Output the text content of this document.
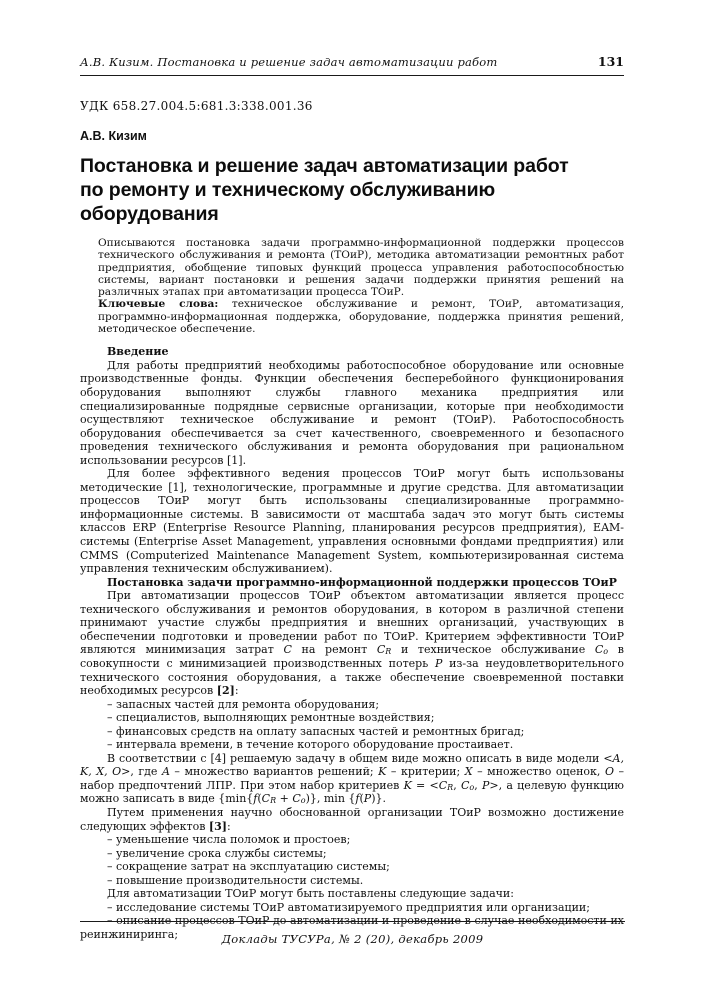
А.В. Кизим. Постановка и решение задач автоматизации работ	131
УДК 658.27.004.5:681.3:338.001.36
А.В. Кизим
Постановка и решение задач автоматизации работ
по ремонту и техническому обслуживанию оборудования

Описываются постановка задачи программно-информационной поддержки процессов технического обслуживания и ремонта (ТОиР), методика автоматизации ремонтных работ предприятия, обобщение типовых функций процесса управления работоспособностью системы, вариант постановки и решения задачи поддержки принятия решений на различных этапах при автоматизации процесса ТОиР.

Ключевые слова: техническое обслуживание и ремонт, ТОиР, автоматизация, программно-информационная поддержка, оборудование, поддержка принятия решений, методическое обеспечение.

Введение

Для работы предприятий необходимы работоспособное оборудование или основные производственные фонды. Функции обеспечения бесперебойного функционирования оборудования выполняют службы главного механика предприятия или специализированные подрядные сервисные организации, которые при необходимости осуществляют техническое обслуживание и ремонт (ТОиР). Работоспособность оборудования обеспечивается за счет качественного, своевременного и безопасного проведения технического обслуживания и ремонта оборудования при рациональном использовании ресурсов [1].

Для более эффективного ведения процессов ТОиР могут быть использованы методические [1], технологические, программные и другие средства. Для автоматизации процессов ТОиР могут быть использованы специализированные программно-информационные системы. В зависимости от масштаба задач это могут быть системы классов ERP (Enterprise Resource Planning, планирования ресурсов предприятия), EAM-системы (Enterprise Asset Management, управления основными фондами предприятия) или CMMS (Computerized Maintenance Management System, компьютеризированная система управления техническим обслуживанием).

Постановка задачи программно-информационной поддержки процессов ТОиР

При автоматизации процессов ТОиР объектом автоматизации является процесс технического обслуживания и ремонтов оборудования, в котором в различной степени принимают участие службы предприятия и внешних организаций, участвующих в обеспечении подготовки и проведении работ по ТОиР. Критерием эффективности ТОиР являются минимизация затрат C на ремонт $C_R$ и техническое обслуживание $C_о$ в совокупности с минимизацией производственных потерь P из-за неудовлетворительного технического состояния оборудования, а также обеспечение своевременной поставки необходимых ресурсов [2]:

– запасных частей для ремонта оборудования;

– специалистов, выполняющих ремонтные воздействия;

– финансовых средств на оплату запасных частей и ремонтных бригад;

– интервала времени, в течение которого оборудование простаивает.

В соответствии с [4] решаемую задачу в общем виде можно описать в виде модели <A, K, X, O>, где A – множество вариантов решений; K – критерии; X – множество оценок, O – набор предпочтений ЛПР. При этом набор критериев $K = <C_R$, $C_о$, P>, а целевую функцию можно записать в виде {$\min\{f(C_R + C_о)\}$, min {f(P)}.

Путем применения научно обоснованной организации ТОиР возможно достижение следующих эффектов [3]:

– уменьшение числа поломок и простоев;

– увеличение срока службы системы;

– сокращение затрат на эксплуатацию системы;

– повышение производительности системы.

Для автоматизации ТОиР могут быть поставлены следующие задачи:

– исследование системы ТОиР автоматизируемого предприятия или организации;

– описание процессов ТОиР до автоматизации и проведение в случае необходимости их реинжиниринга;	Доклады ТУСУРа, № 2 (20), декабрь 2009
